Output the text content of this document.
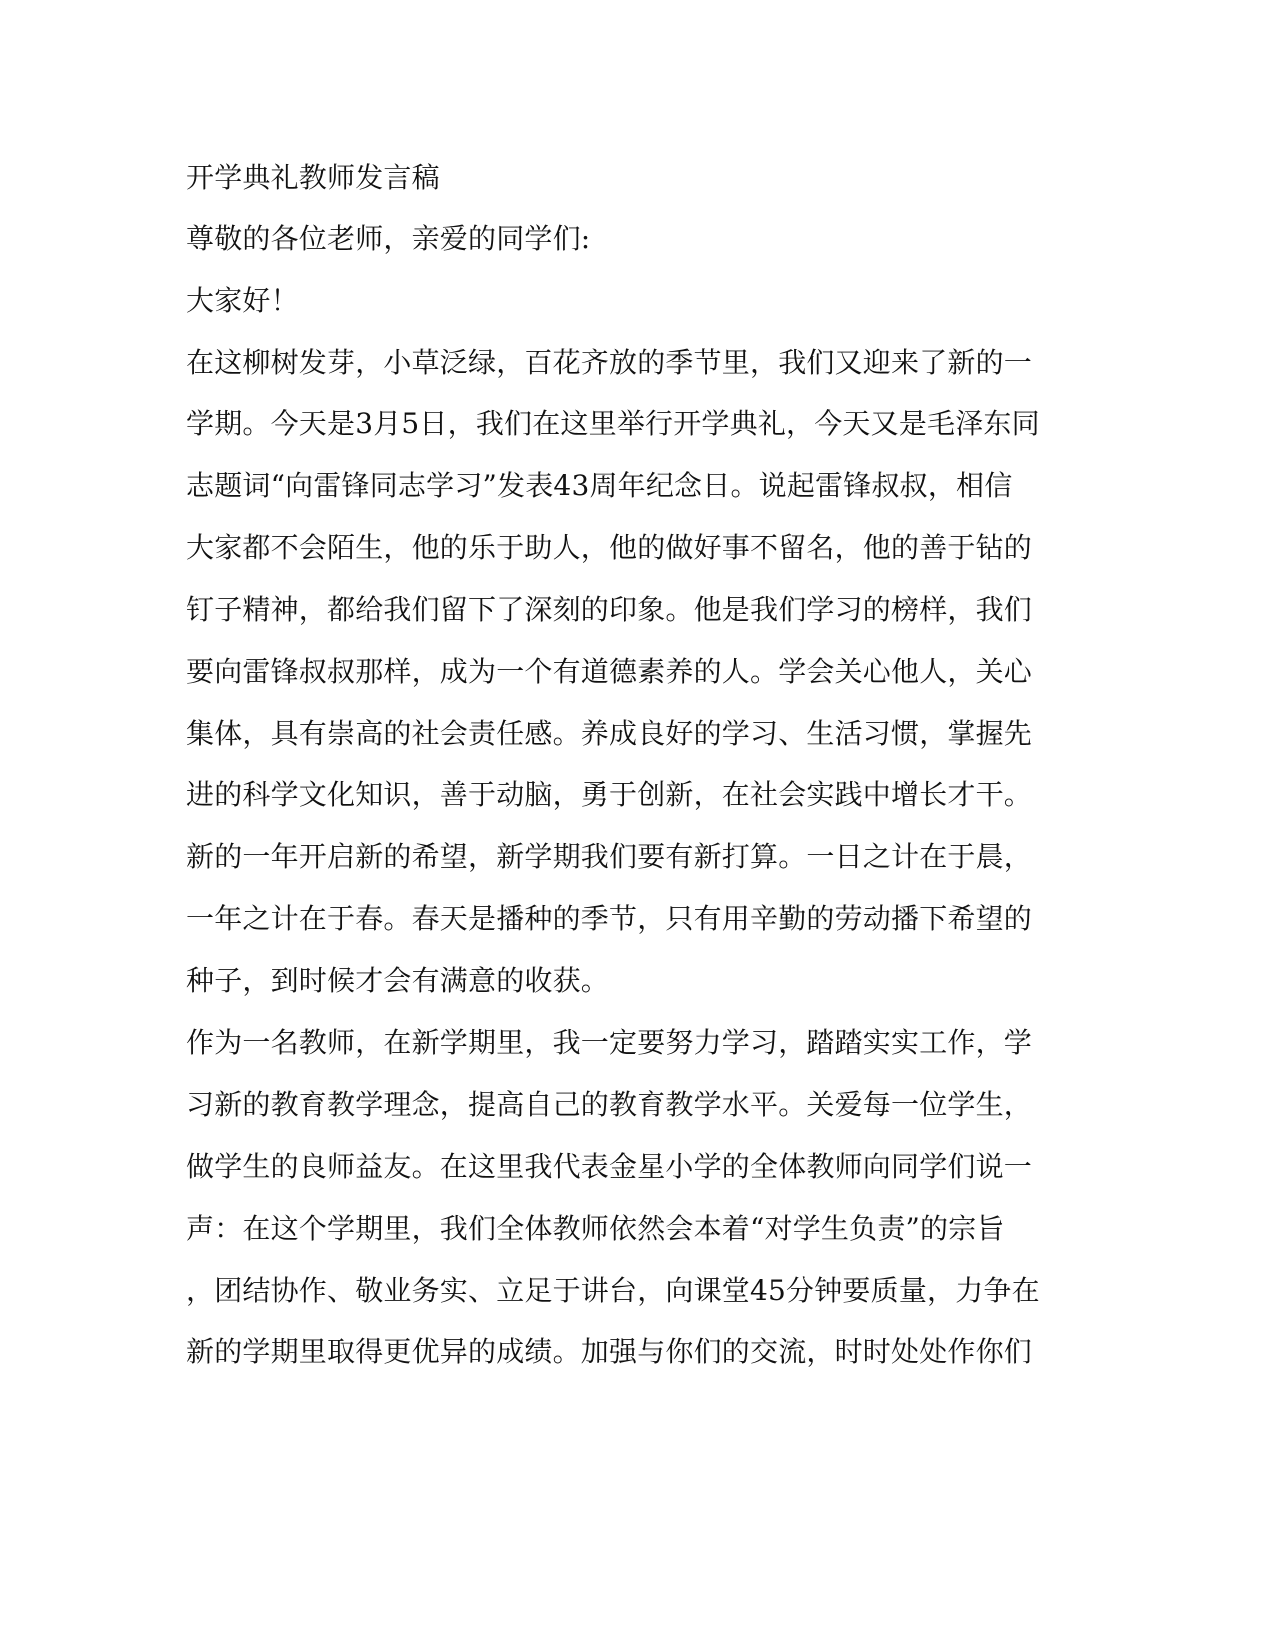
开学典礼教师发言稿
尊敬的各位老师，亲爱的同学们:
大家好！
在这柳树发芽，小草泛绿，百花齐放的季节里，我们又迎来了新的一
学期。今天是3月5日，我们在这里举行开学典礼，今天又是毛泽东同
志题词“向雷锋同志学习”发表43周年纪念日。说起雷锋叔叔，相信
大家都不会陌生，他的乐于助人，他的做好事不留名，他的善于钻的
钉子精神，都给我们留下了深刻的印象。他是我们学习的榜样，我们
要向雷锋叔叔那样，成为一个有道德素养的人。学会关心他人，关心
集体，具有崇高的社会责任感。养成良好的学习、生活习惯，掌握先
进的科学文化知识，善于动脑，勇于创新，在社会实践中增长才干。
新的一年开启新的希望，新学期我们要有新打算。一日之计在于晨，
一年之计在于春。春天是播种的季节，只有用辛勤的劳动播下希望的
种子，到时候才会有满意的收获。
作为一名教师，在新学期里，我一定要努力学习，踏踏实实工作，学
习新的教育教学理念，提高自己的教育教学水平。关爱每一位学生，
做学生的良师益友。在这里我代表金星小学的全体教师向同学们说一
声：在这个学期里，我们全体教师依然会本着“对学生负责”的宗旨
，团结协作、敬业务实、立足于讲台，向课堂45分钟要质量，力争在
新的学期里取得更优异的成绩。加强与你们的交流，时时处处作你们
